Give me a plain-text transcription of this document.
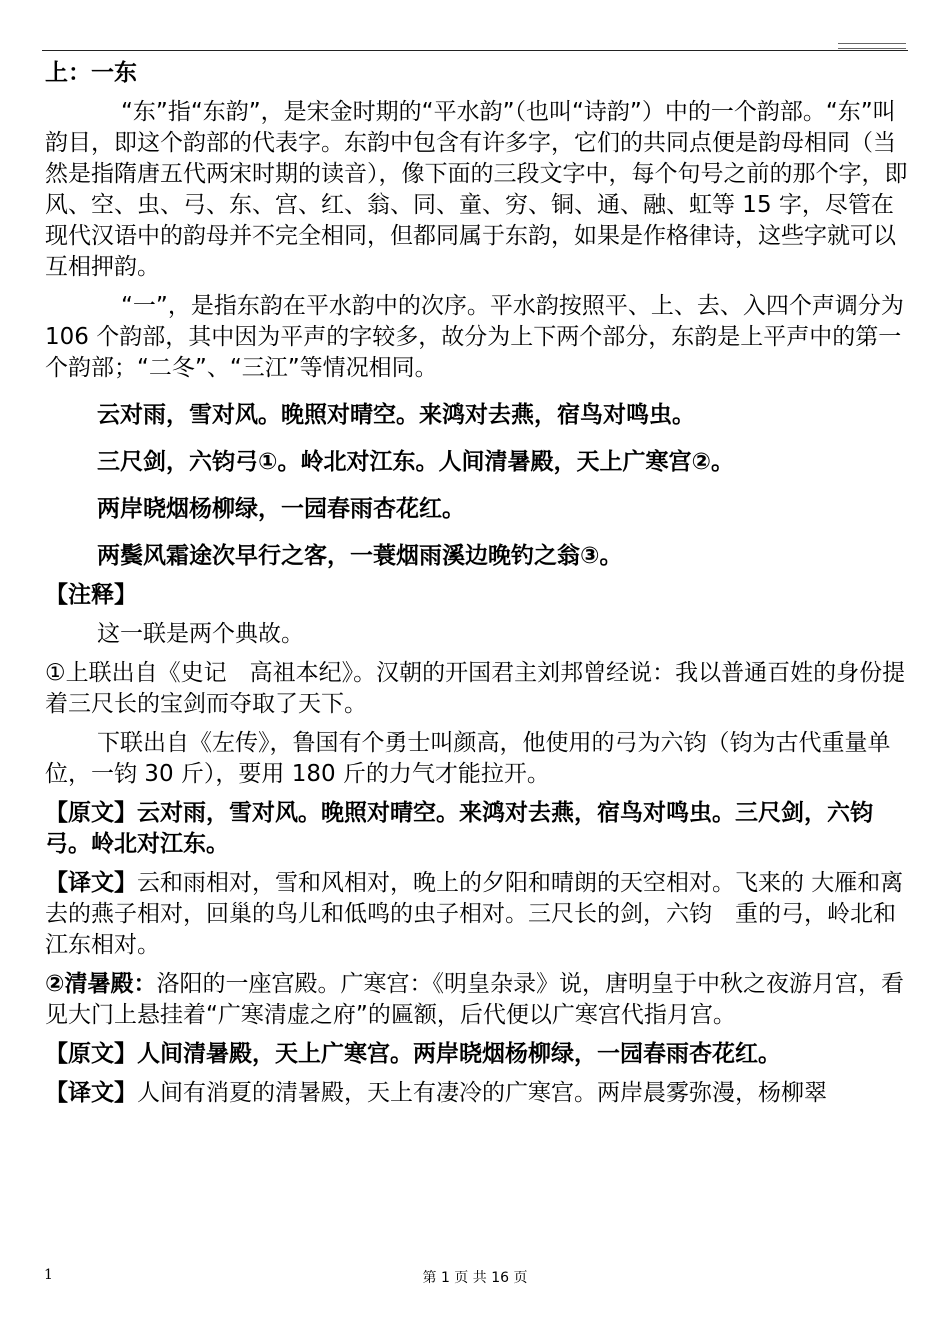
上：一东

“东”指“东韵”，是宋金时期的“平水韵”（也叫“诗韵”）中的一个韵部。“东”叫韵目，即这个韵部的代表字。东韵中包含有许多字，它们的共同点便是韵母相同（当然是指隋唐五代两宋时期的读音），像下面的三段文字中，每个句号之前的那个字，即风、空、虫、弓、东、宫、红、翁、同、童、穷、铜、通、融、虹等 15 字，尽管在现代汉语中的韵母并不完全相同，但都同属于东韵，如果是作格律诗，这些字就可以互相押韵。

“一”，是指东韵在平水韵中的次序。平水韵按照平、上、去、入四个声调分为 106 个韵部，其中因为平声的字较多，故分为上下两个部分，东韵是上平声中的第一个韵部；“二冬”、“三江”等情况相同。

云对雨，雪对风。晚照对晴空。来鸿对去燕，宿鸟对鸣虫。

三尺剑，六钧弓①。岭北对江东。人间清暑殿，天上广寒宫②。

两岸晓烟杨柳绿，一园春雨杏花红。

两鬓风霜途次早行之客，一蓑烟雨溪边晚钓之翁③。

【注释】

这一联是两个典故。

①上联出自《史记　高祖本纪》。汉朝的开国君主刘邦曾经说：我以普通百姓的身份提着三尺长的宝剑而夺取了天下。

下联出自《左传》，鲁国有个勇士叫颜高，他使用的弓为六钧（钧为古代重量单位，一钧 30 斤），要用 180 斤的力气才能拉开。

【原文】云对雨，雪对风。晚照对晴空。来鸿对去燕，宿鸟对鸣虫。三尺剑，六钧弓。岭北对江东。

【译文】云和雨相对，雪和风相对，晚上的夕阳和晴朗的天空相对。飞来的 大雁和离去的燕子相对，回巢的鸟儿和低鸣的虫子相对。三尺长的剑，六钧　重的弓，岭北和江东相对。

②清暑殿：洛阳的一座宫殿。广寒宫：《明皇杂录》说，唐明皇于中秋之夜游月宫，看见大门上悬挂着“广寒清虚之府”的匾额，后代便以广寒宫代指月宫。

【原文】人间清暑殿，天上广寒宫。两岸晓烟杨柳绿，一园春雨杏花红。

【译文】人间有消夏的清暑殿，天上有凄冷的广寒宫。两岸晨雾弥漫，杨柳翠

1	第 1 页 共 16 页
